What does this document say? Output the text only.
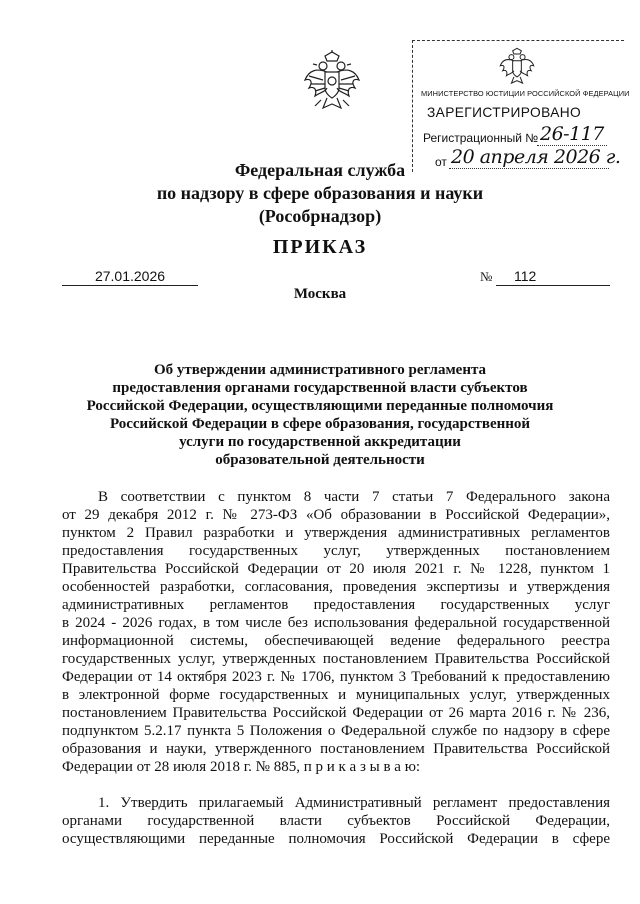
МИНИСТЕРСТВО ЮСТИЦИИ РОССИЙСКОЙ ФЕДЕРАЦИИ
ЗАРЕГИСТРИРОВАНО
Регистрационный № 26-117
от 20 апреля 2026 г.
Федеральная служба
по надзору в сфере образования и науки
(Рособрнадзор)
ПРИКАЗ
27.01.2026	№	112
Москва
Об утверждении административного регламента
предоставления органами государственной власти субъектов
Российской Федерации, осуществляющими переданные полномочия
Российской Федерации в сфере образования, государственной
услуги по государственной аккредитации
образовательной деятельности
В соответствии с пунктом 8 части 7 статьи 7 Федерального закона
от 29 декабря 2012 г. № 273-ФЗ «Об образовании в Российской Федерации»,
пунктом 2 Правил разработки и утверждения административных регламентов
предоставления государственных услуг, утвержденных постановлением
Правительства Российской Федерации от 20 июля 2021 г. № 1228, пунктом 1
особенностей разработки, согласования, проведения экспертизы и утверждения
административных регламентов предоставления государственных услуг
в 2024 - 2026 годах, в том числе без использования федеральной государственной
информационной системы, обеспечивающей ведение федерального реестра
государственных услуг, утвержденных постановлением Правительства Российской
Федерации от 14 октября 2023 г. № 1706, пунктом 3 Требований к предоставлению
в электронной форме государственных и муниципальных услуг, утвержденных
постановлением Правительства Российской Федерации от 26 марта 2016 г. № 236,
подпунктом 5.2.17 пункта 5 Положения о Федеральной службе по надзору в сфере
образования и науки, утвержденного постановлением Правительства Российской
Федерации от 28 июля 2018 г. № 885, п р и к а з ы в а ю:
1. Утвердить прилагаемый Административный регламент предоставления
органами государственной власти субъектов Российской Федерации,
осуществляющими переданные полномочия Российской Федерации в сфере
